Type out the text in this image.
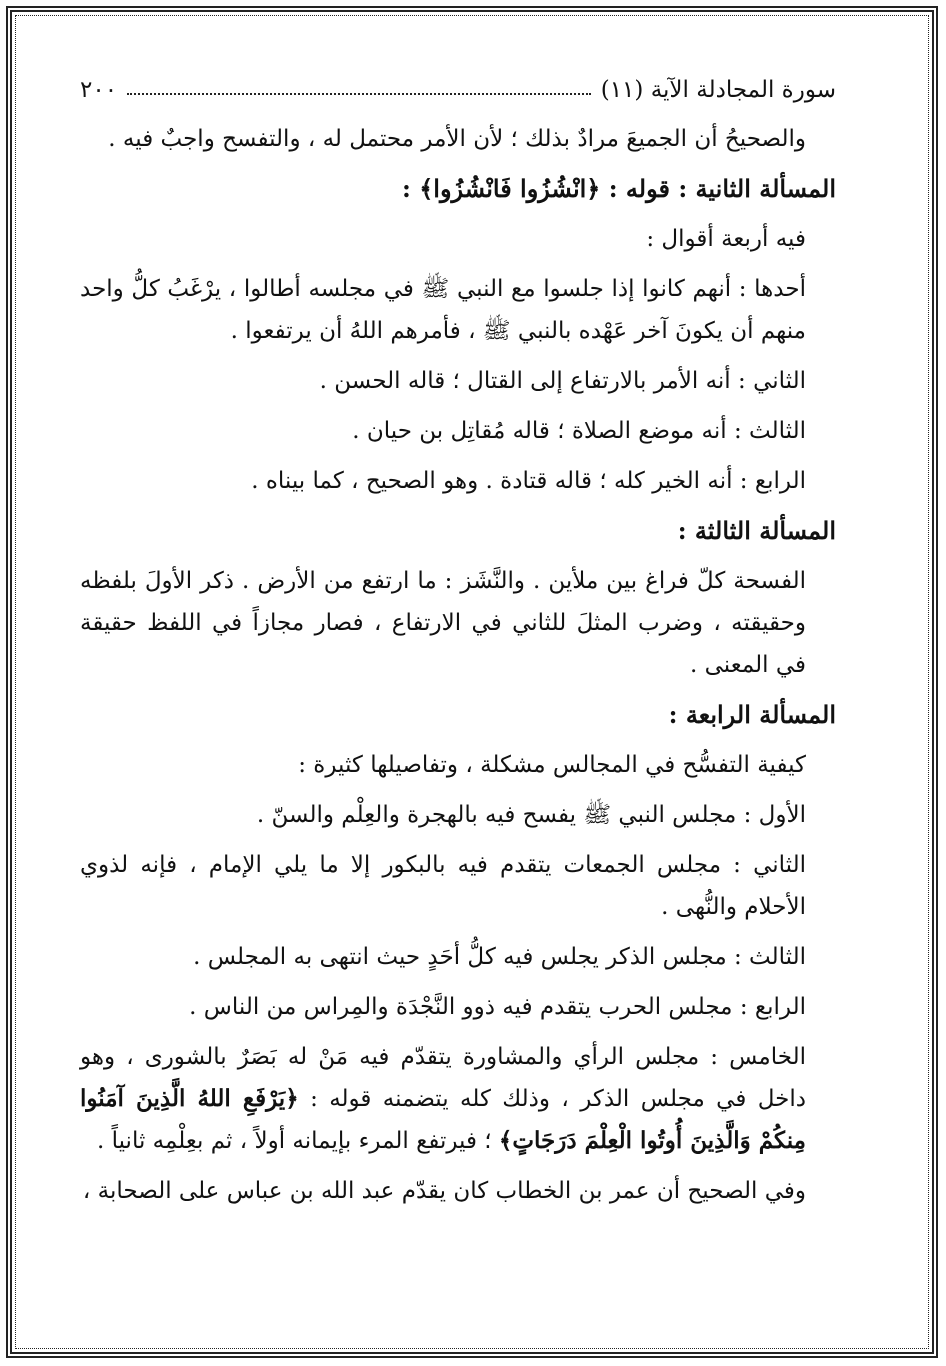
سورة المجادلة الآية (١١)
٢٠٠

والصحيحُ أن الجميعَ مرادٌ بذلك ؛ لأن الأمر محتمل له ، والتفسح واجبٌ فيه .

المسألة الثانية : قوله : ﴿انْشُزُوا فَانْشُزُوا﴾ :

فيه أربعة أقوال :

أحدها : أنهم كانوا إذا جلسوا مع النبي ﷺ في مجلسه أطالوا ، يرْغَبُ كلُّ واحد منهم أن يكونَ آخر عَهْده بالنبي ﷺ ، فأمرهم اللهُ أن يرتفعوا .

الثاني : أنه الأمر بالارتفاع إلى القتال ؛ قاله الحسن .

الثالث : أنه موضع الصلاة ؛ قاله مُقاتِل بن حيان .

الرابع : أنه الخير كله ؛ قاله قتادة . وهو الصحيح ، كما بيناه .

المسألة الثالثة :

الفسحة كلّ فراغ بين ملأين . والنَّشَز : ما ارتفع من الأرض . ذكر الأولَ بلفظه وحقيقته ، وضرب المثلَ للثاني في الارتفاع ، فصار مجازاً في اللفظ حقيقة في المعنى .

المسألة الرابعة :

كيفية التفسُّح في المجالس مشكلة ، وتفاصيلها كثيرة :

الأول : مجلس النبي ﷺ يفسح فيه بالهجرة والعِلْم والسنّ .

الثاني : مجلس الجمعات يتقدم فيه بالبكور إلا ما يلي الإمام ، فإنه لذوي الأحلام والنُّهى .

الثالث : مجلس الذكر يجلس فيه كلُّ أحَدٍ حيث انتهى به المجلس .

الرابع : مجلس الحرب يتقدم فيه ذوو النَّجْدَة والمِراس من الناس .

الخامس : مجلس الرأي والمشاورة يتقدّم فيه مَنْ له بَصَرٌ بالشورى ، وهو داخل في مجلس الذكر ، وذلك كله يتضمنه قوله : ﴿يَرْفَعِ اللهُ الَّذِينَ آمَنُوا مِنكُمْ وَالَّذِينَ أُوتُوا الْعِلْمَ دَرَجَاتٍ﴾ ؛ فيرتفع المرء بإيمانه أولاً ، ثم بعِلْمِه ثانياً .

وفي الصحيح أن عمر بن الخطاب كان يقدّم عبد الله بن عباس على الصحابة ،
